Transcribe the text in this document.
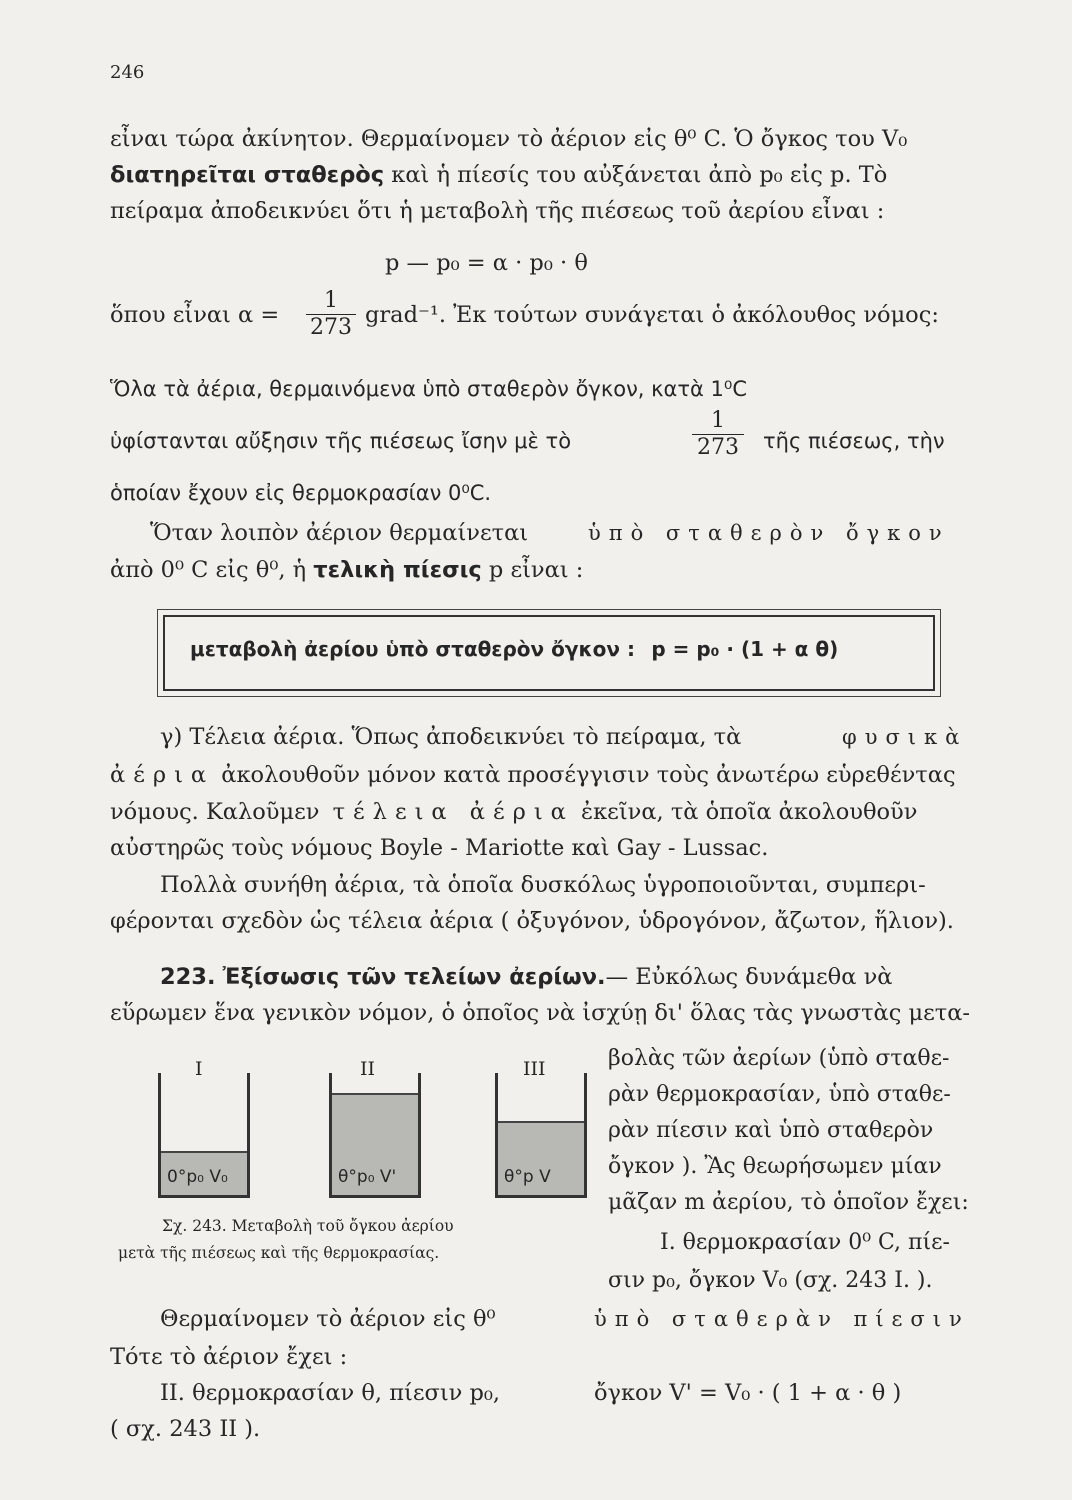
246
εἶναι τώρα ἀκίνητον. Θερμαίνομεν τὸ ἀέριον εἰς θ⁰ C. Ὁ ὄγκος του V₀
διατηρεῖται σταθερὸς καὶ ἡ πίεσίς του αὐξάνεται ἀπὸ p₀ εἰς p. Τὸ
πείραμα ἀποδεικνύει ὅτι ἡ μεταβολὴ τῆς πιέσεως τοῦ ἀερίου εἶναι :
p — p₀ = α · p₀ · θ
ὅπου εἶναι $\alpha = \frac{1}{273}$ grad⁻¹. Ἐκ τούτων συνάγεται ὁ ἀκόλουθος νόμος:
Ὅλα τὰ ἀέρια, θερμαινόμενα ὑπὸ σταθερὸν ὄγκον, κατὰ 1⁰C
ὑφίστανται αὔξησιν τῆς πιέσεως ἴσην μὲ τὸ	$\frac{1}{273}$ τῆς πιέσεως, τὴν
ὁποίαν ἔχουν εἰς θερμοκρασίαν 0⁰C.
Ὅταν λοιπὸν ἀέριον θερμαίνεται	ὑπὸ σταθερὸν ὄγκον
ἀπὸ 0⁰ C εἰς θ⁰, ἡ τελικὴ πίεσις p εἶναι :
μεταβολὴ ἀερίου ὑπὸ σταθερὸν ὄγκον : p = p₀ · (1 + α θ)
γ) Τέλεια ἀέρια. Ὅπως ἀποδεικνύει τὸ πείραμα, τὰ	φυσικὰ
ἀέρια ἀκολουθοῦν μόνον κατὰ προσέγγισιν τοὺς ἀνωτέρω εὑρεθέντας
νόμους. Καλοῦμεν τέλεια ἀέρια ἐκεῖνα, τὰ ὁποῖα ἀκολουθοῦν
αὐστηρῶς τοὺς νόμους Boyle - Mariotte καὶ Gay - Lussac.
Πολλὰ συνήθη ἀέρια, τὰ ὁποῖα δυσκόλως ὑγροποιοῦνται, συμπερι-
φέρονται σχεδὸν ὡς τέλεια ἀέρια ( ὀξυγόνον, ὑδρογόνον, ἄζωτον, ἥλιον).
223. Ἐξίσωσις τῶν τελείων ἀερίων.— Εὐκόλως δυνάμεθα νὰ
εὕρωμεν ἕνα γενικὸν νόμον, ὁ ὁποῖος νὰ ἰσχύῃ δι' ὅλας τὰς γνωστὰς μετα-
0°p₀ V₀
I
θ°p₀ V'
II
θ°p V
III
Σχ. 243. Μεταβολὴ τοῦ ὄγκου ἀερίου
μετὰ τῆς πιέσεως καὶ τῆς θερμοκρασίας.
βολὰς τῶν ἀερίων (ὑπὸ σταθε-
ρὰν θερμοκρασίαν, ὑπὸ σταθε-
ρὰν πίεσιν καὶ ὑπὸ σταθερὸν
ὄγκον ). Ἂς θεωρήσωμεν μίαν
μᾶζαν m ἀερίου, τὸ ὁποῖον ἔχει:
I. θερμοκρασίαν 0⁰ C, πίε-
σιν p₀, ὄγκον V₀ (σχ. 243 I. ).
Θερμαίνομεν τὸ ἀέριον εἰς θ⁰	ὑπὸ σταθερὰν πίεσιν
Τότε τὸ ἀέριον ἔχει :
II. θερμοκρασίαν θ, πίεσιν p₀,	ὄγκον V' = V₀ · ( 1 + α · θ )
( σχ. 243 II ).
